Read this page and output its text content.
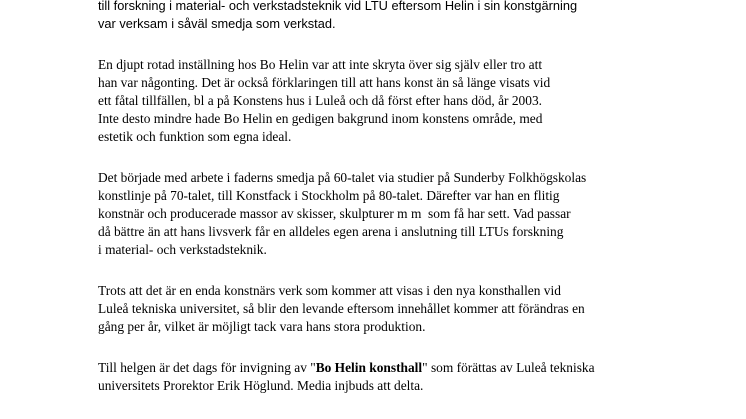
till forskning i material- och verkstadsteknik vid LTU eftersom Helin i sin konstgärning

var verksam i såväl smedja som verkstad.

En djupt rotad inställning hos Bo Helin var att inte skryta över sig själv eller tro att

han var någonting. Det är också förklaringen till att hans konst än så länge visats vid

ett fåtal tillfällen, bl a på Konstens hus i Luleå och då först efter hans död, år 2003.

Inte desto mindre hade Bo Helin en gedigen bakgrund inom konstens område, med

estetik och funktion som egna ideal.

Det började med arbete i faderns smedja på 60-talet via studier på Sunderby Folkhögskolas

konstlinje på 70-talet, till Konstfack i Stockholm på 80-talet. Därefter var han en flitig

konstnär och producerade massor av skisser, skulpturer m m  som få har sett. Vad passar

då bättre än att hans livsverk får en alldeles egen arena i anslutning till LTUs forskning

i material- och verkstadsteknik.

Trots att det är en enda konstnärs verk som kommer att visas i den nya konsthallen vid

Luleå tekniska universitet, så blir den levande eftersom innehållet kommer att förändras en

gång per år, vilket är möjligt tack vara hans stora produktion.

Till helgen är det dags för invigning av "Bo Helin konsthall" som förättas av Luleå tekniska

universitets Prorektor Erik Höglund. Media injbuds att delta.
